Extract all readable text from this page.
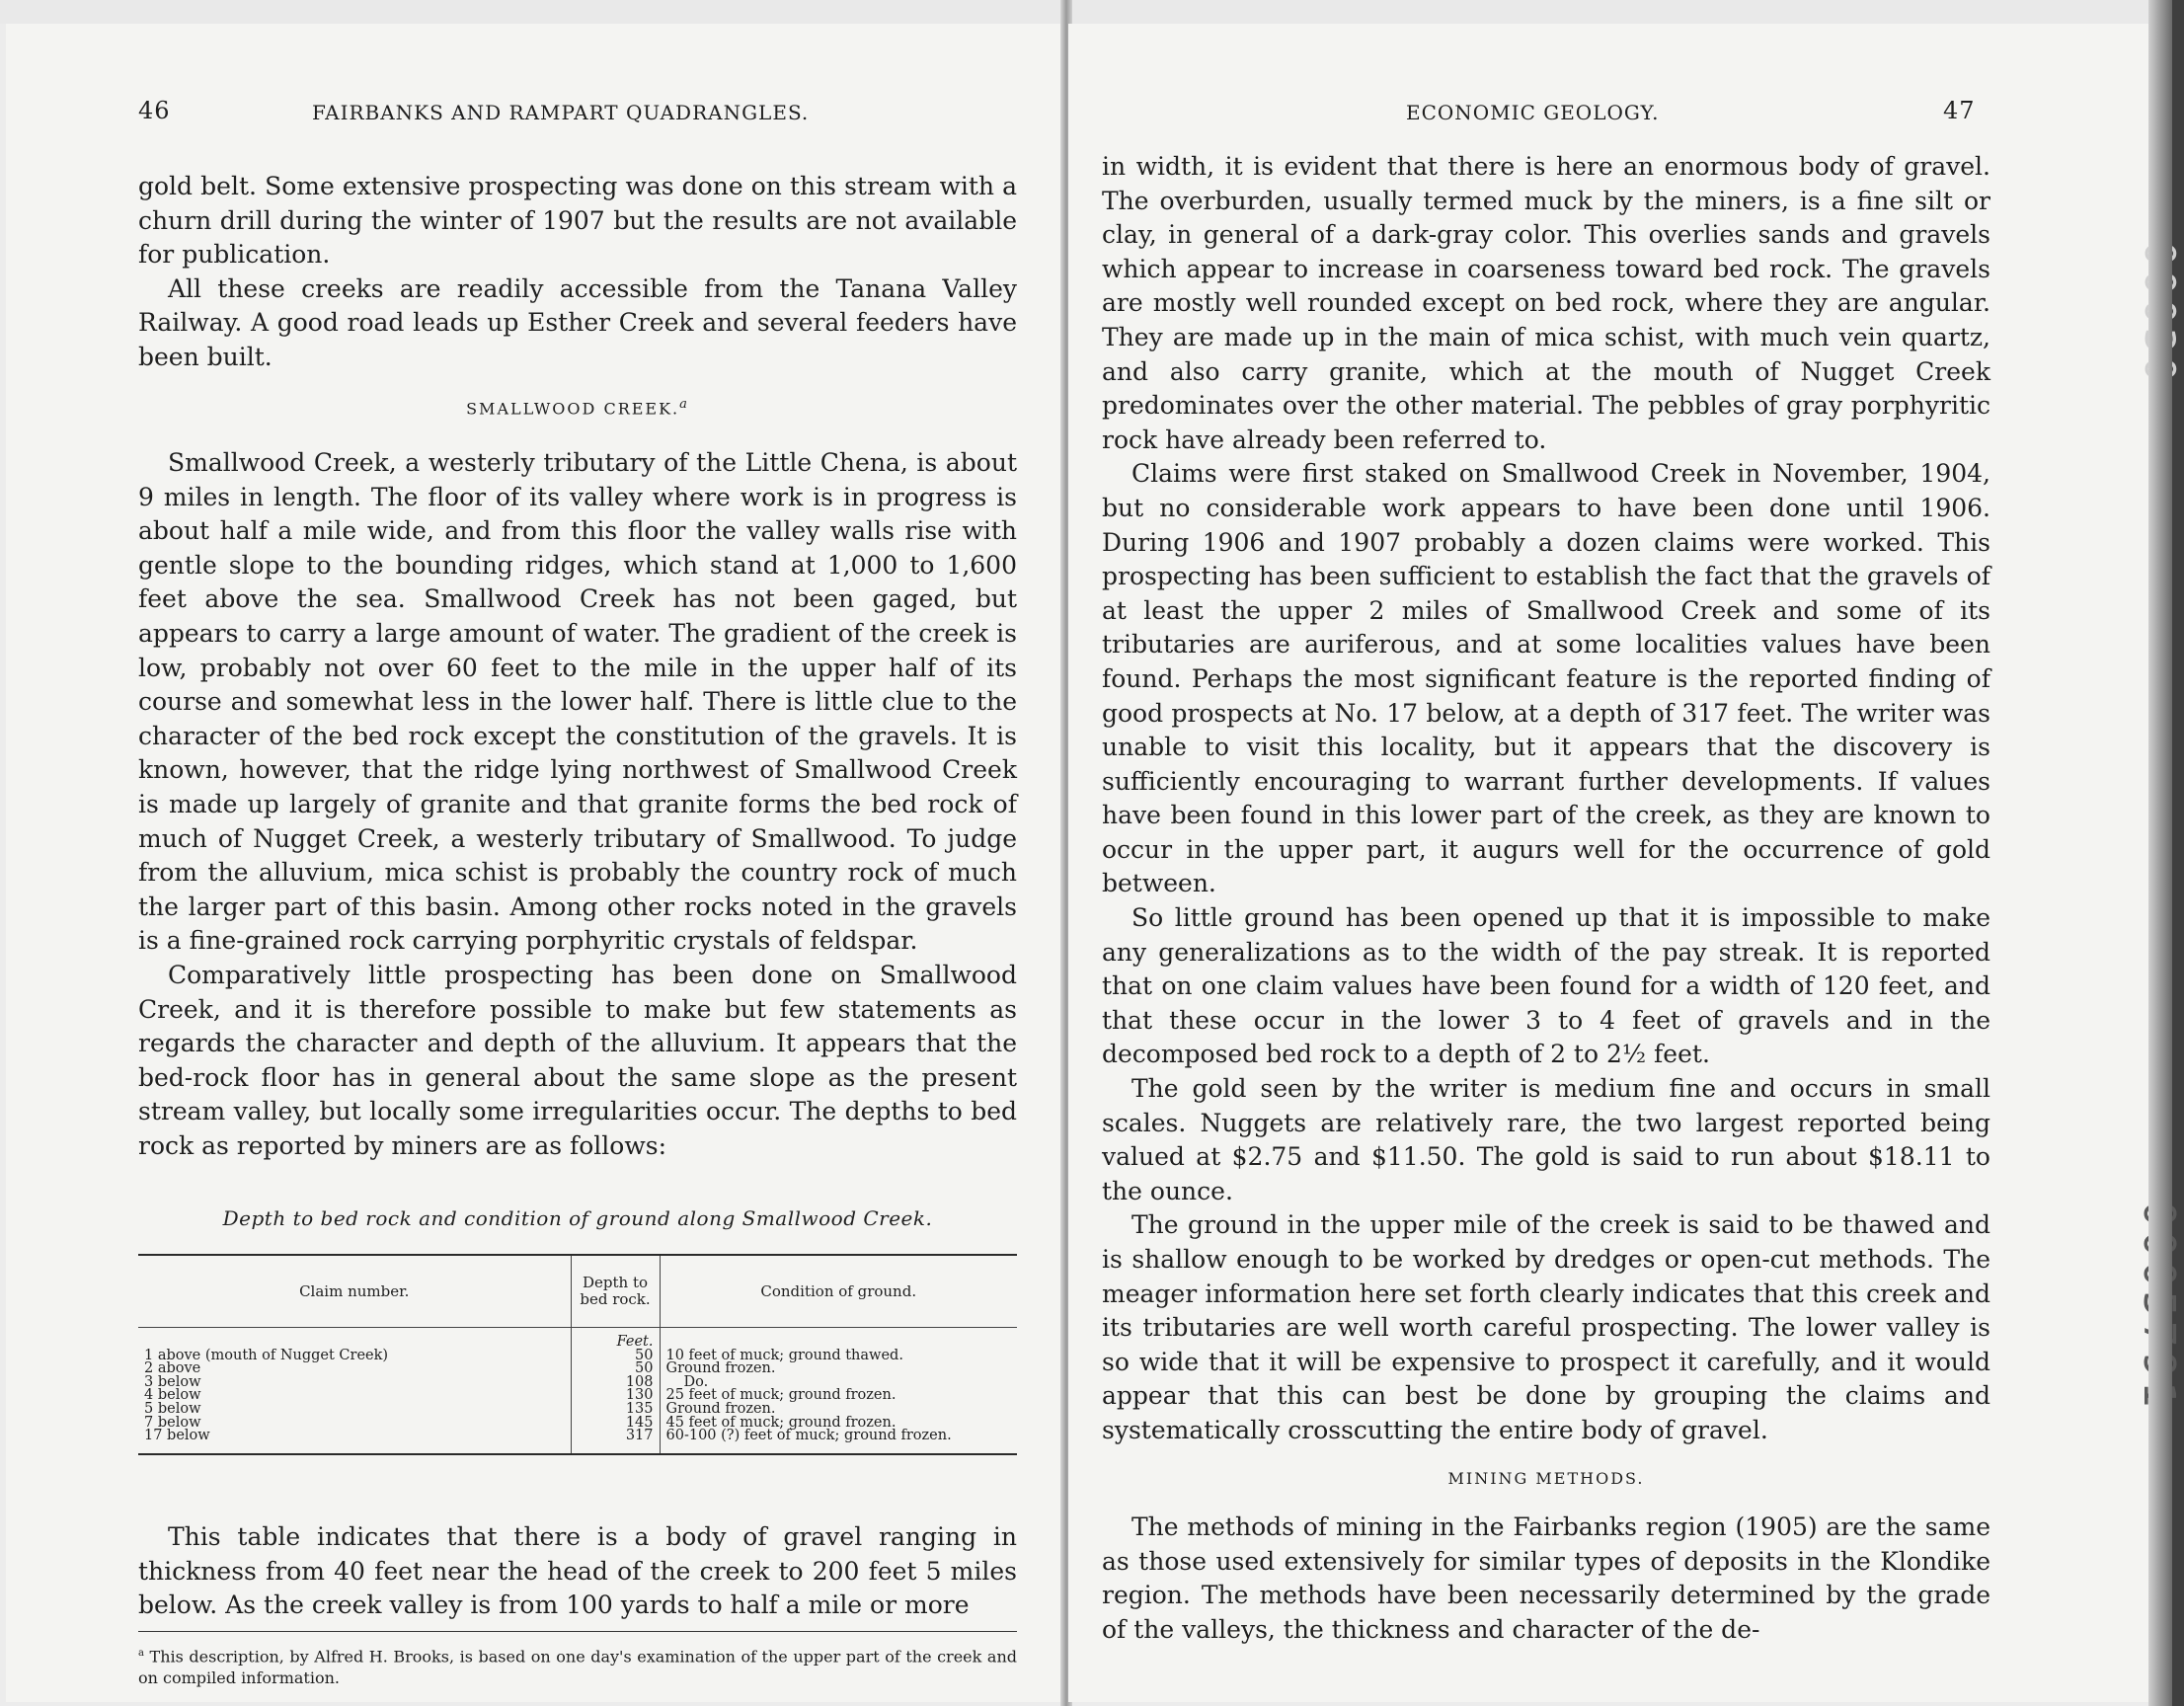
46	FAIRBANKS AND RAMPART QUADRANGLES.

gold belt. Some extensive prospecting was done on this stream with a churn drill during the winter of 1907 but the results are not available for publication.

All these creeks are readily accessible from the Tanana Valley Railway. A good road leads up Esther Creek and several feeders have been built.

SMALLWOOD CREEK.$^a$

Smallwood Creek, a westerly tributary of the Little Chena, is about 9 miles in length. The floor of its valley where work is in progress is about half a mile wide, and from this floor the valley walls rise with gentle slope to the bounding ridges, which stand at 1,000 to 1,600 feet above the sea. Smallwood Creek has not been gaged, but appears to carry a large amount of water. The gradient of the creek is low, probably not over 60 feet to the mile in the upper half of its course and somewhat less in the lower half. There is little clue to the character of the bed rock except the constitution of the gravels. It is known, however, that the ridge lying northwest of Smallwood Creek is made up largely of granite and that granite forms the bed rock of much of Nugget Creek, a westerly tributary of Smallwood. To judge from the alluvium, mica schist is probably the country rock of much the larger part of this basin. Among other rocks noted in the gravels is a fine-grained rock carrying porphyritic crystals of feldspar.

Comparatively little prospecting has been done on Smallwood Creek, and it is therefore possible to make but few statements as regards the character and depth of the alluvium. It appears that the bed-rock floor has in general about the same slope as the present stream valley, but locally some irregularities occur. The depths to bed rock as reported by miners are as follows:

Depth to bed rock and condition of ground along Smallwood Creek.
Claim number.	Depth to bed rock.	Condition of ground.
	Feet.	
1 above (mouth of Nugget Creek)	50	10 feet of muck; ground thawed.
2 above	50	Ground frozen.
3 below	108	Do.
4 below	130	25 feet of muck; ground frozen.
5 below	135	Ground frozen.
7 below	145	45 feet of muck; ground frozen.
17 below	317	60-100 (?) feet of muck; ground frozen.

This table indicates that there is a body of gravel ranging in thickness from 40 feet near the head of the creek to 200 feet 5 miles below. As the creek valley is from 100 yards to half a mile or more

$^a$ This description, by Alfred H. Brooks, is based on one day's examination of the upper part of the creek and on compiled information.
ECONOMIC GEOLOGY.	47

in width, it is evident that there is here an enormous body of gravel. The overburden, usually termed muck by the miners, is a fine silt or clay, in general of a dark-gray color. This overlies sands and gravels which appear to increase in coarseness toward bed rock. The gravels are mostly well rounded except on bed rock, where they are angular. They are made up in the main of mica schist, with much vein quartz, and also carry granite, which at the mouth of Nugget Creek predominates over the other material. The pebbles of gray porphyritic rock have already been referred to.

Claims were first staked on Smallwood Creek in November, 1904, but no considerable work appears to have been done until 1906. During 1906 and 1907 probably a dozen claims were worked. This prospecting has been sufficient to establish the fact that the gravels of at least the upper 2 miles of Smallwood Creek and some of its tributaries are auriferous, and at some localities values have been found. Perhaps the most significant feature is the reported finding of good prospects at No. 17 below, at a depth of 317 feet. The writer was unable to visit this locality, but it appears that the discovery is sufficiently encouraging to warrant further developments. If values have been found in this lower part of the creek, as they are known to occur in the upper part, it augurs well for the occurrence of gold between.

So little ground has been opened up that it is impossible to make any generalizations as to the width of the pay streak. It is reported that on one claim values have been found for a width of 120 feet, and that these occur in the lower 3 to 4 feet of gravels and in the decomposed bed rock to a depth of 2 to 2½ feet.

The gold seen by the writer is medium fine and occurs in small scales. Nuggets are relatively rare, the two largest reported being valued at $2.75 and $11.50. The gold is said to run about $18.11 to the ounce.

The ground in the upper mile of the creek is said to be thawed and is shallow enough to be worked by dredges or open-cut methods. The meager information here set forth clearly indicates that this creek and its tributaries are well worth careful prospecting. The lower valley is so wide that it will be expensive to prospect it carefully, and it would appear that this can best be done by grouping the claims and systematically crosscutting the entire body of gravel.

MINING METHODS.

The methods of mining in the Fairbanks region (1905) are the same as those used extensively for similar types of deposits in the Klondike region. The methods have been necessarily determined by the grade of the valleys, the thickness and character of the de-
